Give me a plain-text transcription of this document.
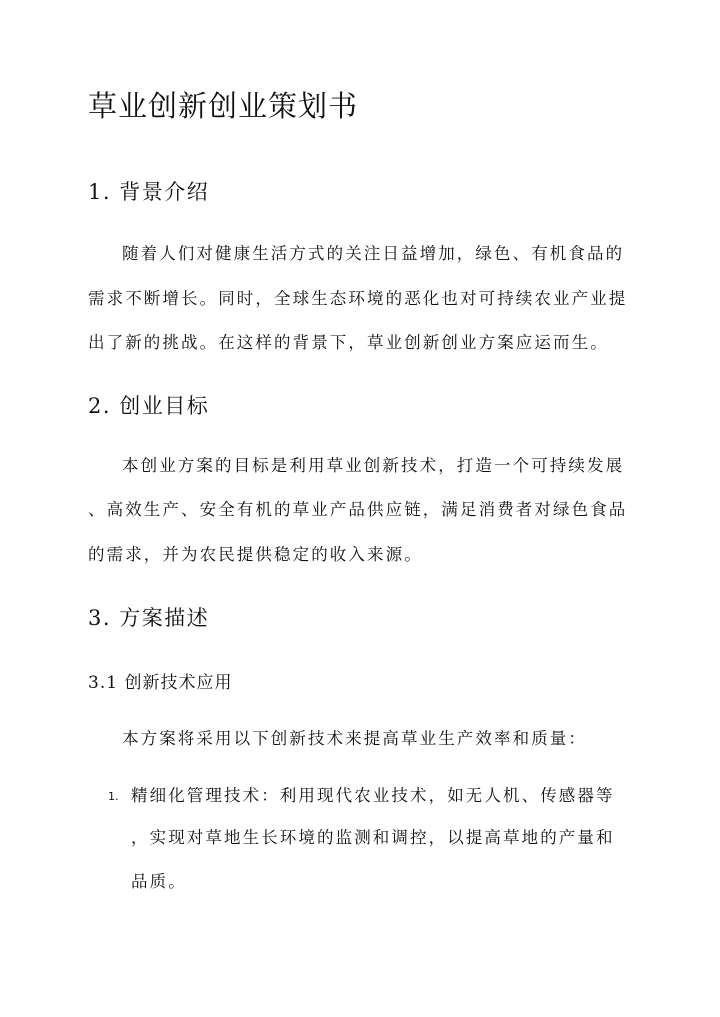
草业创新创业策划书
1. 背景介绍

随着人们对健康生活方式的关注日益增加，绿色、有机食品的

需求不断增长。同时，全球生态环境的恶化也对可持续农业产业提

出了新的挑战。在这样的背景下，草业创新创业方案应运而生。

2. 创业目标

本创业方案的目标是利用草业创新技术，打造一个可持续发展

、高效生产、安全有机的草业产品供应链，满足消费者对绿色食品

的需求，并为农民提供稳定的收入来源。

3. 方案描述
3.1 创新技术应用

本方案将采用以下创新技术来提高草业生产效率和质量：

1. 精细化管理技术：利用现代农业技术，如无人机、传感器等

，实现对草地生长环境的监测和调控，以提高草地的产量和

品质。
